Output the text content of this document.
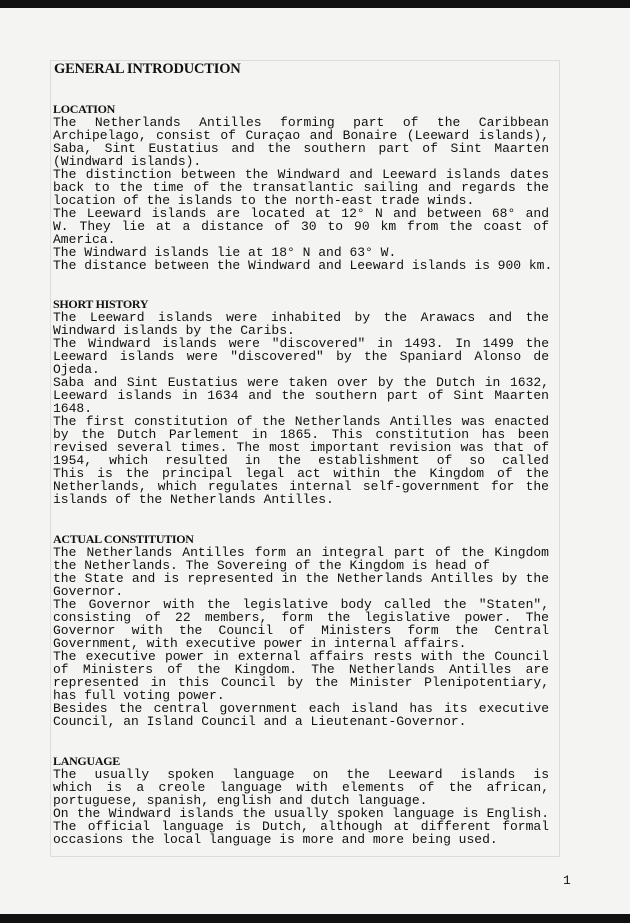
GENERAL INTRODUCTION
LOCATION
The Netherlands Antilles forming part of the Caribbean
Archipelago, consist of Curaçao and Bonaire (Leeward islands),
Saba, Sint Eustatius and the southern part of Sint Maarten
(Windward islands).
The distinction between the Windward and Leeward islands dates
back to the time of the transatlantic sailing and regards the
location of the islands to the north-east trade winds.
The Leeward islands are located at 12° N and between 68° and
W. They lie at a distance of 30 to 90 km from the coast of
America.
The Windward islands lie at 18° N and 63° W.
The distance between the Windward and Leeward islands is 900 km.
SHORT HISTORY
The Leeward islands were inhabited by the Arawacs and the
Windward islands by the Caribs.
The Windward islands were "discovered" in 1493. In 1499 the
Leeward islands were "discovered" by the Spaniard Alonso de
Ojeda.
Saba and Sint Eustatius were taken over by the Dutch in 1632,
Leeward islands in 1634 and the southern part of Sint Maarten
1648.
The first constitution of the Netherlands Antilles was enacted
by the Dutch Parlement in 1865. This constitution has been
revised several times. The most important revision was that of
1954, which resulted in the establishment of so called
This is the principal legal act within the Kingdom of the
Netherlands, which regulates internal self-government for the
islands of the Netherlands Antilles.
ACTUAL CONSTITUTION
The Netherlands Antilles form an integral part of the Kingdom
the Netherlands. The Sovereing of the Kingdom is head of
the State and is represented in the Netherlands Antilles by the
Governor.
The Governor with the legislative body called the "Staten",
consisting of 22 members, form the legislative power. The
Governor with the Council of Ministers form the Central
Government, with executive power in internal affairs.
The executive power in external affairs rests with the Council
of Ministers of the Kingdom. The Netherlands Antilles are
represented in this Council by the Minister Plenipotentiary,
has full voting power.
Besides the central government each island has its executive
Council, an Island Council and a Lieutenant-Governor.
LANGUAGE
The usually spoken language on the Leeward islands is
which is a creole language with elements of the african,
portuguese, spanish, english and dutch language.
On the Windward islands the usually spoken language is English.
The official language is Dutch, although at different formal
occasions the local language is more and more being used.
1
